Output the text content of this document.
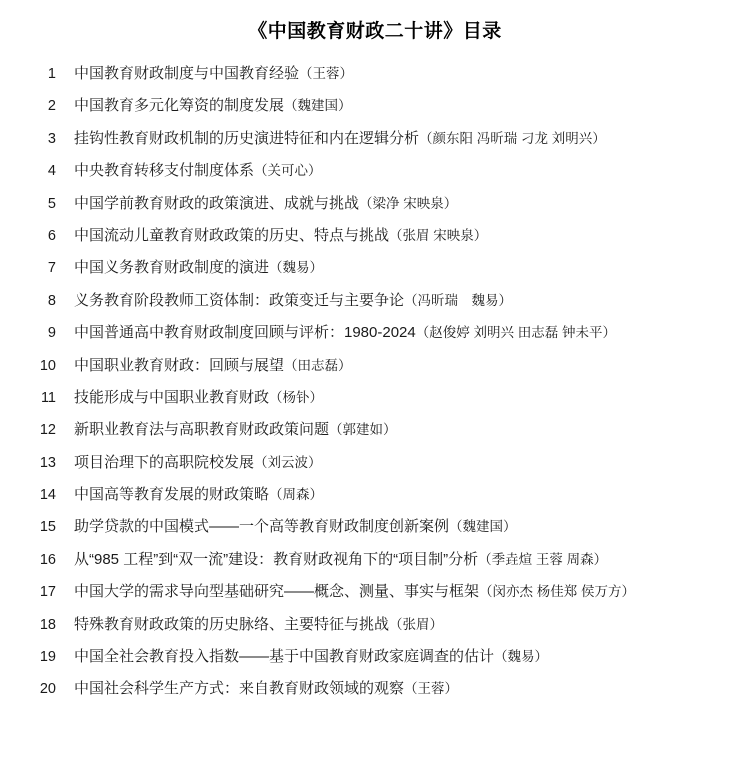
《中国教育财政二十讲》目录
1	中国教育财政制度与中国教育经验（王蓉）
2	中国教育多元化筹资的制度发展（魏建国）
3	挂钩性教育财政机制的历史演进特征和内在逻辑分析（颜东阳 冯昕瑞 刁龙 刘明兴）
4	中央教育转移支付制度体系（关可心）
5	中国学前教育财政的政策演进、成就与挑战（梁净 宋映泉）
6	中国流动儿童教育财政政策的历史、特点与挑战（张眉 宋映泉）
7	中国义务教育财政制度的演进（魏易）
8	义务教育阶段教师工资体制：政策变迁与主要争论（冯昕瑞　魏易）
9	中国普通高中教育财政制度回顾与评析：1980-2024（赵俊婷 刘明兴 田志磊 钟未平）
10	中国职业教育财政：回顾与展望（田志磊）
11	技能形成与中国职业教育财政（杨钋）
12	新职业教育法与高职教育财政政策问题（郭建如）
13	项目治理下的高职院校发展（刘云波）
14	中国高等教育发展的财政策略（周森）
15	助学贷款的中国模式——一个高等教育财政制度创新案例（魏建国）
16	从“985 工程”到“双一流”建设：教育财政视角下的“项目制”分析（季垚煊 王蓉 周森）
17	中国大学的需求导向型基础研究——概念、测量、事实与框架（闵亦杰 杨佳郑 侯万方）
18	特殊教育财政政策的历史脉络、主要特征与挑战（张眉）
19	中国全社会教育投入指数——基于中国教育财政家庭调查的估计（魏易）
20	中国社会科学生产方式：来自教育财政领域的观察（王蓉）
